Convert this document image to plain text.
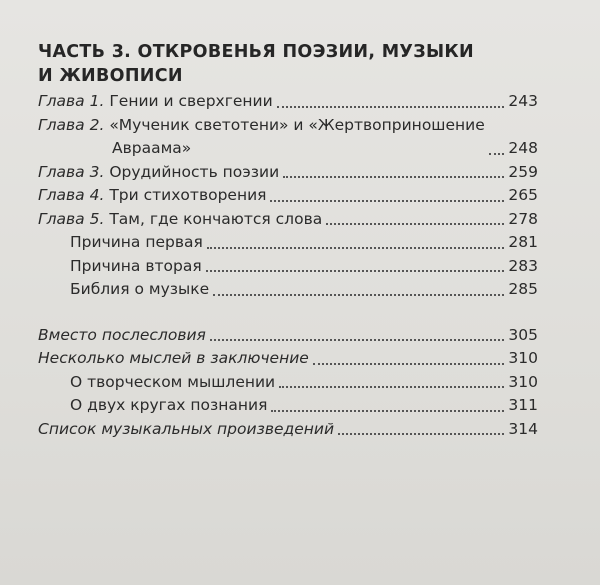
ЧАСТЬ 3. ОТКРОВЕНЬЯ ПОЭЗИИ, МУЗЫКИ
И ЖИВОПИСИ
Глава 1. Гении и сверхгении	243
Глава 2. «Мученик светотени» и «Жертвоприношение
Авраама»	248
Глава 3. Орудийность поэзии	259
Глава 4. Три стихотворения	265
Глава 5. Там, где кончаются слова	278
Причина первая	281
Причина вторая	283
Библия о музыке	285
Вместо послесловия	305
Несколько мыслей в заключение	310
О творческом мышлении	310
О двух кругах познания	311
Список музыкальных произведений	314
